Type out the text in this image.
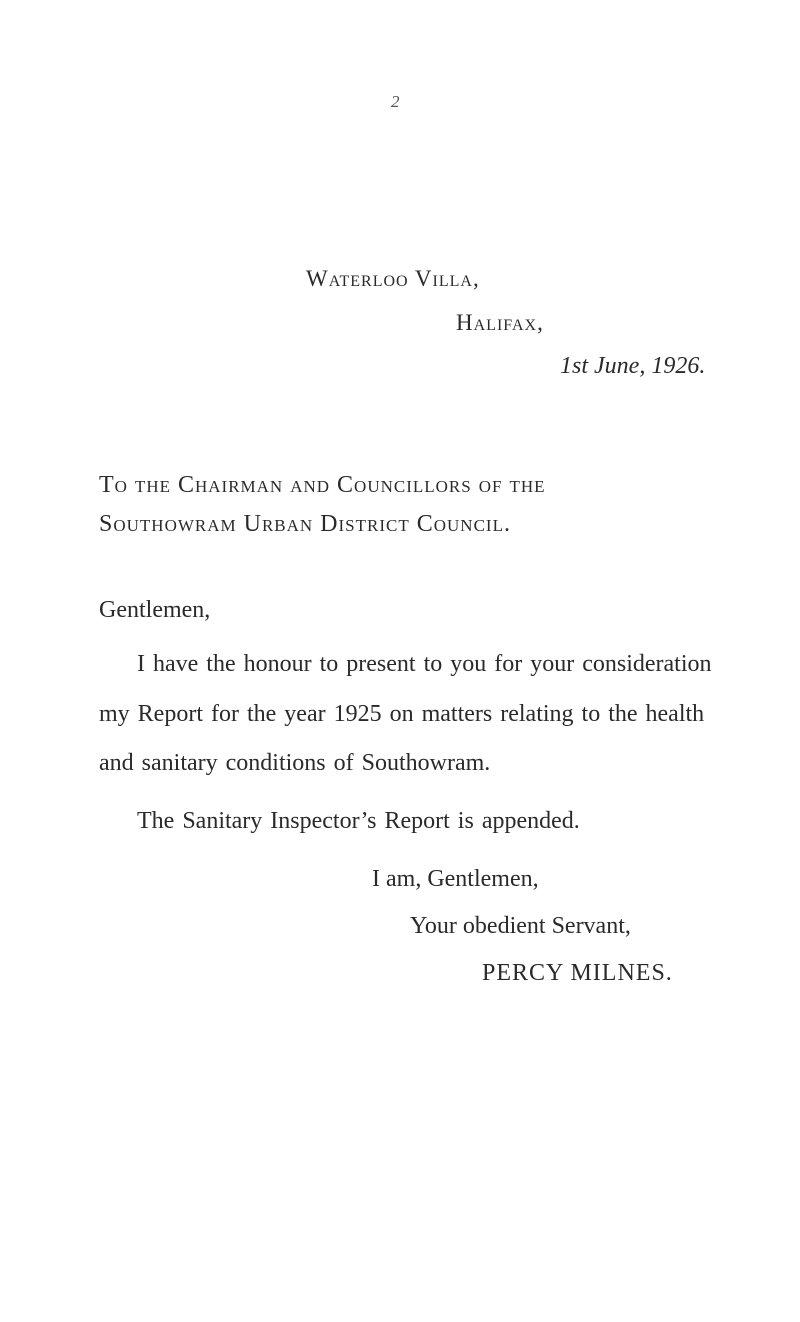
2
Waterloo Villa,
Halifax,
1st June, 1926.
To the Chairman and Councillors of the
Southowram Urban District Council.
Gentlemen,
I have the honour to present to you for your consideration
my Report for the year 1925 on matters relating to the health
and sanitary conditions of Southowram.
The Sanitary Inspector’s Report is appended.
I am, Gentlemen,
Your obedient Servant,
PERCY MILNES.
